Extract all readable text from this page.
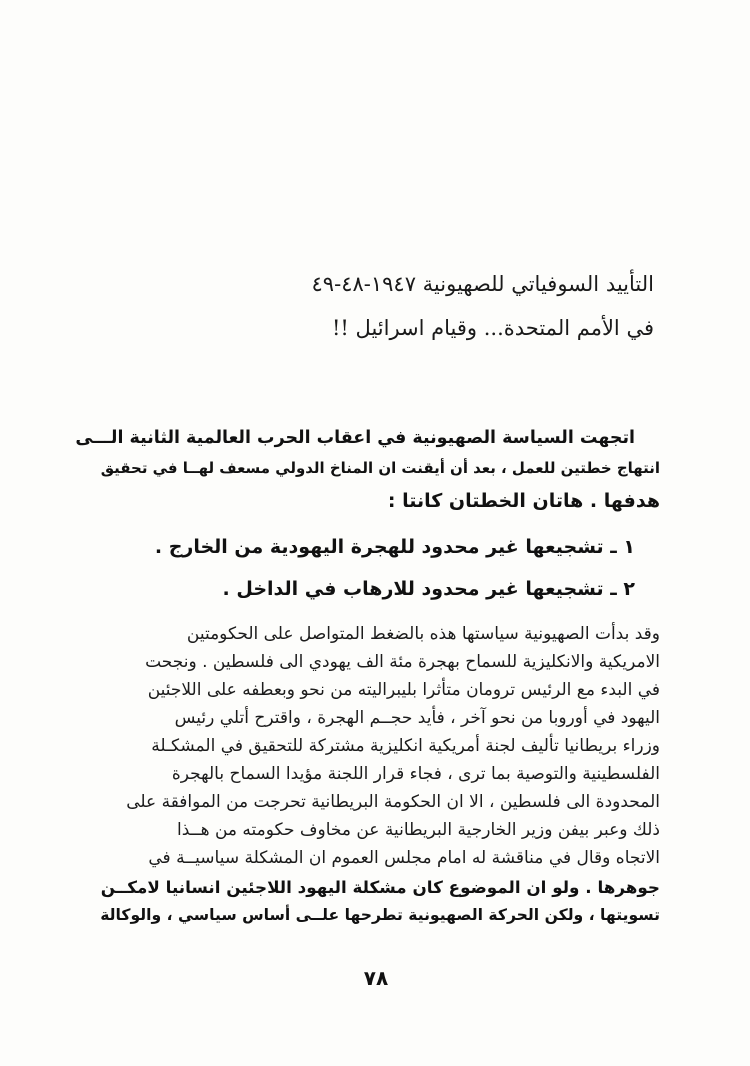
التأييد السوفياتي للصهيونية ١٩٤٧-٤٨-٤٩
في الأمم المتحدة... وقيام اسرائيل !!
اتجهت السياسة الصهيونية في اعقاب الحرب العالمية الثانية الـــى
انتهاج خطتين للعمل ، بعد أن أيقنت ان المناخ الدولي مسعف لهــا في تحقيق
هدفها . هاتان الخطتان كانتا :
١ ـ تشجيعها غير محدود للهجرة اليهودية من الخارج .
٢ ـ تشجيعها غير محدود للارهاب في الداخل .
وقد بدأت الصهيونية سياستها هذه بالضغط المتواصل على الحكومتين
الامريكية والانكليزية للسماح بهجرة مئة الف يهودي الى فلسطين . ونجحت
في البدء مع الرئيس ترومان متأثرا بليبراليته من نحو وبعطفه على اللاجئين
اليهود في أوروبا من نحو آخر ، فأيد حجــم الهجرة ، واقترح أتلي رئيس
وزراء بريطانيا تأليف لجنة أمريكية انكليزية مشتركة للتحقيق في المشكـلة
الفلسطينية والتوصية بما ترى ، فجاء قرار اللجنة مؤيدا السماح بالهجرة
المحدودة الى فلسطين ، الا ان الحكومة البريطانية تحرجت من الموافقة على
ذلك وعبر بيفن وزير الخارجية البريطانية عن مخاوف حكومته من هــذا
الاتجاه وقال في مناقشة له امام مجلس العموم ان المشكلة سياسيــة في
جوهرها . ولو ان الموضوع كان مشكلة اليهود اللاجئين انسانيا لامكــن
تسويتها ، ولكن الحركة الصهيونية تطرحها علــى أساس سياسي ، والوكالة
٧٨
